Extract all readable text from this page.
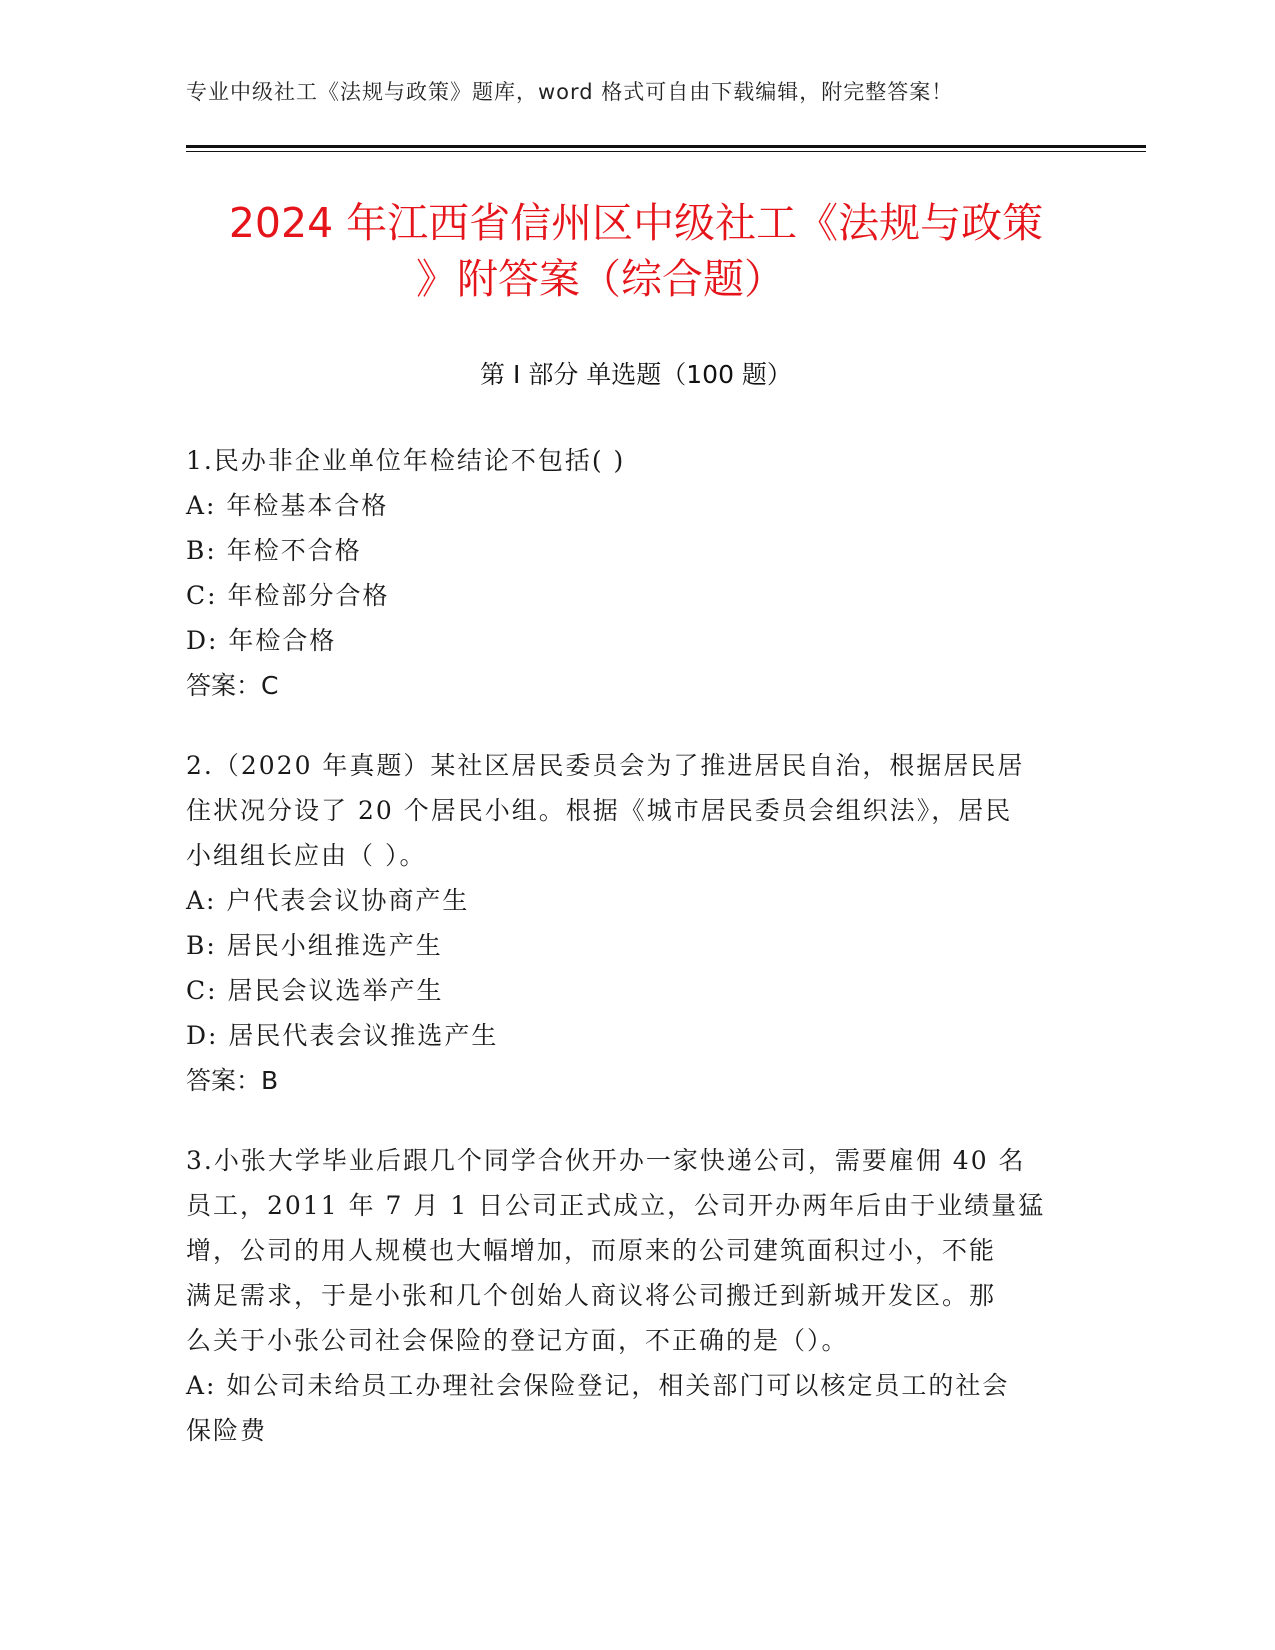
专业中级社工《法规与政策》题库，word 格式可自由下载编辑，附完整答案！
2024 年江西省信州区中级社工《法规与政策
》附答案（综合题）
第 I 部分 单选题（100 题）

1.民办非企业单位年检结论不包括( )

A: 年检基本合格

B: 年检不合格

C: 年检部分合格

D: 年检合格

答案：C

2.（2020 年真题）某社区居民委员会为了推进居民自治，根据居民居

住状况分设了 20 个居民小组。根据《城市居民委员会组织法》，居民

小组组长应由（ ）。

A: 户代表会议协商产生

B: 居民小组推选产生

C: 居民会议选举产生

D: 居民代表会议推选产生

答案：B

3.小张大学毕业后跟几个同学合伙开办一家快递公司，需要雇佣 40 名

员工，2011 年 7 月 1 日公司正式成立，公司开办两年后由于业绩量猛

增，公司的用人规模也大幅增加，而原来的公司建筑面积过小，不能

满足需求，于是小张和几个创始人商议将公司搬迁到新城开发区。那

么关于小张公司社会保险的登记方面，不正确的是（）。

A: 如公司未给员工办理社会保险登记，相关部门可以核定员工的社会

保险费
